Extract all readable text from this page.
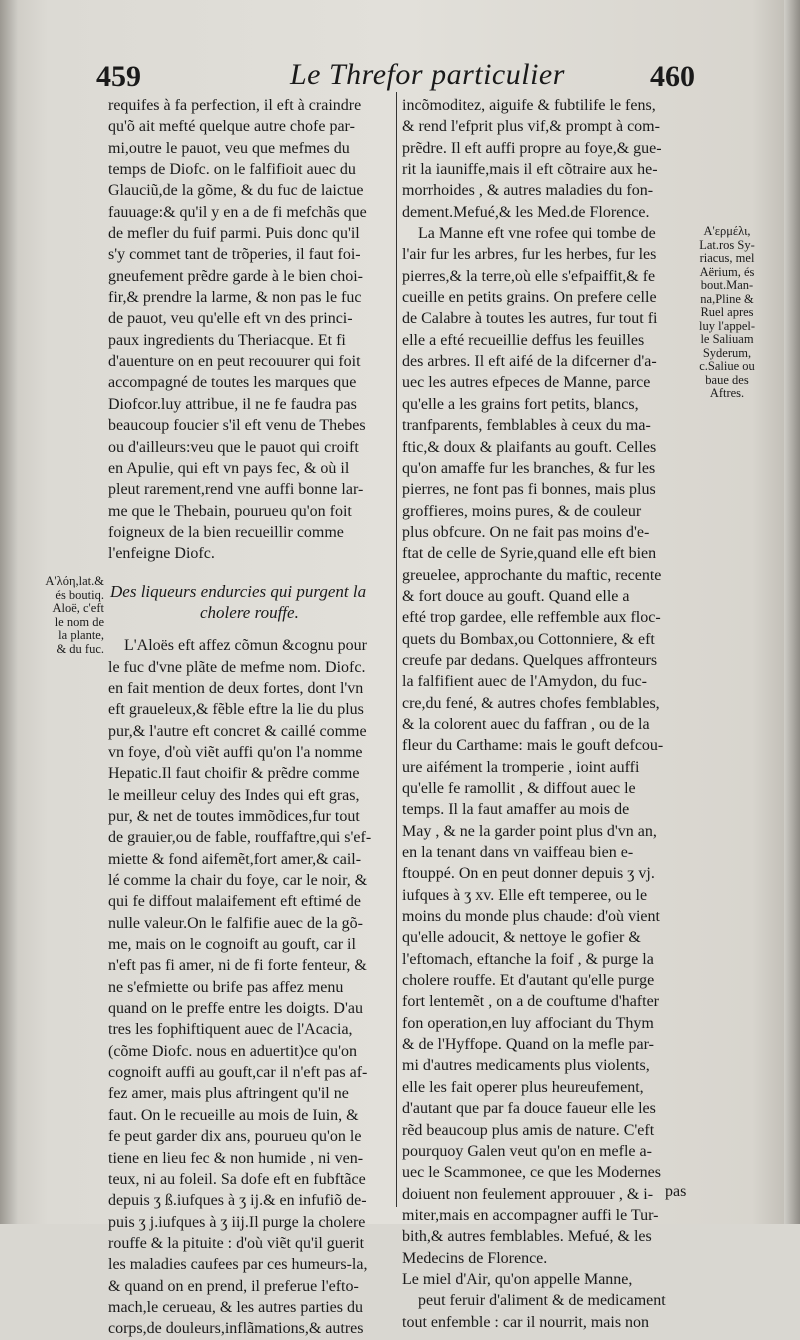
459	Le Threfor particulier	460
requifes à fa perfection, il eft à craindre
qu'õ ait mefté quelque autre chofe par-
mi,outre le pauot, veu que mefmes du
temps de Diofc. on le falfifioit auec du
Glauciũ,de la gõme, & du fuc de laictue
fauuage:& qu'il y en a de fi mefchãs que
de mefler du fuif parmi. Puis donc qu'il
s'y commet tant de trõperies, il faut foi-
gneufement prẽdre garde à le bien choi-
fir,& prendre la larme, & non pas le fuc
de pauot, veu qu'elle eft vn des princi-
paux ingredients du Theriacque. Et fi
d'auenture on en peut recouurer qui foit
accompagné de toutes les marques que
Diofcor.luy attribue, il ne fe faudra pas
beaucoup foucier s'il eft venu de Thebes
ou d'ailleurs:veu que le pauot qui croift
en Apulie, qui eft vn pays fec, & où il
pleut rarement,rend vne auffi bonne lar-
me que le Thebain, pourueu qu'on foit
foigneux de la bien recueillir comme
l'enfeigne Diofc.
Des liqueurs endurcies qui purgent la
cholere rouffe.
L'Aloës eft affez cõmun &cognu pour
le fuc d'vne plãte de mefme nom. Diofc.
en fait mention de deux fortes, dont l'vn
eft graueleux,& fẽble eftre la lie du plus
pur,& l'autre eft concret & caillé comme
vn foye, d'où viẽt auffi qu'on l'a nomme
Hepatic.Il faut choifir & prẽdre comme
le meilleur celuy des Indes qui eft gras,
pur, & net de toutes immõdices,fur tout
de grauier,ou de fable, rouffaftre,qui s'ef-
miette & fond aifemẽt,fort amer,& cail-
lé comme la chair du foye, car le noir, &
qui fe diffout malaifement eft eftimé de
nulle valeur.On le falfifie auec de la gõ-
me, mais on le cognoift au gouft, car il
n'eft pas fi amer, ni de fi forte fenteur, &
ne s'efmiette ou brife pas affez menu
quand on le preffe entre les doigts. D'au
tres les fophiftiquent auec de l'Acacia,
(cõme Diofc. nous en aduertit)ce qu'on
cognoift auffi au gouft,car il n'eft pas af-
fez amer, mais plus aftringent qu'il ne
faut. On le recueille au mois de Iuin, &
fe peut garder dix ans, pourueu qu'on le
tiene en lieu fec & non humide , ni ven-
teux, ni au foleil. Sa dofe eft en fubftãce
depuis ʒ ß.iufques à ʒ ij.& en infufiõ de-
puis ʒ j.iufques à ʒ iij.Il purge la cholere
rouffe & la pituite : d'où viẽt qu'il guerit
les maladies caufees par ces humeurs-la,
& quand on en prend, il preferue l'efto-
mach,le cerueau, & les autres parties du
corps,de douleurs,inflãmations,& autres
incõmoditez, aiguife & fubtilife le fens,
& rend l'efprit plus vif,& prompt à com-
prẽdre. Il eft auffi propre au foye,& gue-
rit la iauniffe,mais il eft cõtraire aux he-
morrhoides , & autres maladies du fon-
dement.Mefué,& les Med.de Florence.
La Manne eft vne rofee qui tombe de
l'air fur les arbres, fur les herbes, fur les
pierres,& la terre,où elle s'efpaiffit,& fe
cueille en petits grains. On prefere celle
de Calabre à toutes les autres, fur tout fi
elle a efté recueillie deffus les feuilles
des arbres. Il eft aifé de la difcerner d'a-
uec les autres efpeces de Manne, parce
qu'elle a les grains fort petits, blancs,
tranfparents, femblables à ceux du ma-
ftic,& doux & plaifants au gouft. Celles
qu'on amaffe fur les branches, & fur les
pierres, ne font pas fi bonnes, mais plus
groffieres, moins pures, & de couleur
plus obfcure. On ne fait pas moins d'e-
ftat de celle de Syrie,quand elle eft bien
greuelee, approchante du maftic, recente
& fort douce au gouft. Quand elle a
efté trop gardee, elle reffemble aux floc-
quets du Bombax,ou Cottonniere, & eft
creufe par dedans. Quelques affronteurs
la falfifient auec de l'Amydon, du fuc-
cre,du fené, & autres chofes femblables,
& la colorent auec du faffran , ou de la
fleur du Carthame: mais le gouft defcou-
ure aifément la tromperie , ioint auffi
qu'elle fe ramollit , & diffout auec le
temps. Il la faut amaffer au mois de
May , & ne la garder point plus d'vn an,
en la tenant dans vn vaiffeau bien e-
ftouppé. On en peut donner depuis ʒ vj.
iufques à ʒ xv. Elle eft temperee, ou le
moins du monde plus chaude: d'où vient
qu'elle adoucit, & nettoye le gofier &
l'eftomach, eftanche la foif , & purge la
cholere rouffe. Et d'autant qu'elle purge
fort lentemẽt , on a de couftume d'hafter
fon operation,en luy affociant du Thym
& de l'Hyffope. Quand on la mefle par-
mi d'autres medicaments plus violents,
elle les fait operer plus heureufement,
d'autant que par fa douce faueur elle les
rẽd beaucoup plus amis de nature. C'eft
pourquoy Galen veut qu'on en mefle a-
uec le Scammonee, ce que les Modernes
doiuent non feulement approuuer , & i-
miter,mais en accompagner auffi le Tur-
bith,& autres femblables. Mefué, & les
Medecins de Florence.
Le miel d'Air, qu'on appelle Manne,
peut feruir d'aliment & de medicament
tout enfemble : car il nourrit, mais non
A'λόη,lat.&
és boutiq.
Aloë, c'eft
le nom de
la plante,
& du fuc.
A'ερμέλι,
Lat.ros Sy-
riacus, mel
Aërium, és
bout.Man-
na,Pline &
Ruel apres
luy l'appel-
le Saliuam
Syderum,
c.Saliue ou
baue des
Aftres.
pas
